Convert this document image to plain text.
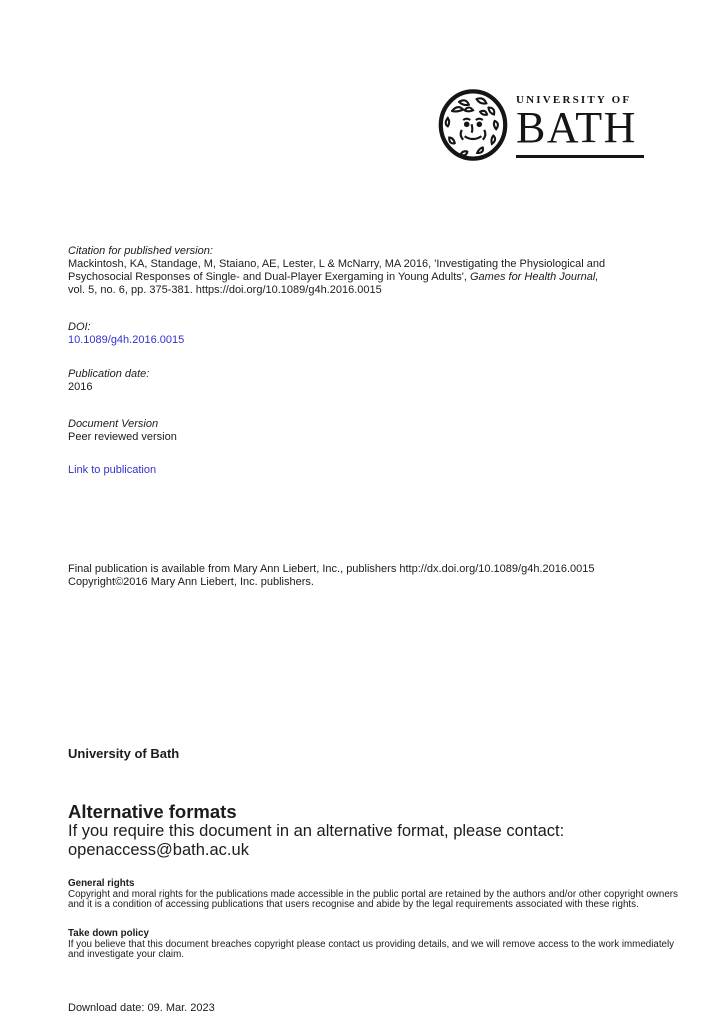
UNIVERSITY OF
BATH
Citation for published version:
Mackintosh, KA, Standage, M, Staiano, AE, Lester, L & McNarry, MA 2016, 'Investigating the Physiological and
Psychosocial Responses of Single- and Dual-Player Exergaming in Young Adults', Games for Health Journal,
vol. 5, no. 6, pp. 375-381. https://doi.org/10.1089/g4h.2016.0015
DOI:
10.1089/g4h.2016.0015
Publication date:
2016
Document Version
Peer reviewed version
Link to publication
Final publication is available from Mary Ann Liebert, Inc., publishers http://dx.doi.org/10.1089/g4h.2016.0015
Copyright©2016 Mary Ann Liebert, Inc. publishers.
University of Bath
Alternative formats
If you require this document in an alternative format, please contact:
openaccess@bath.ac.uk
General rights
Copyright and moral rights for the publications made accessible in the public portal are retained by the authors and/or other copyright owners
and it is a condition of accessing publications that users recognise and abide by the legal requirements associated with these rights.
Take down policy
If you believe that this document breaches copyright please contact us providing details, and we will remove access to the work immediately
and investigate your claim.
Download date: 09. Mar. 2023
